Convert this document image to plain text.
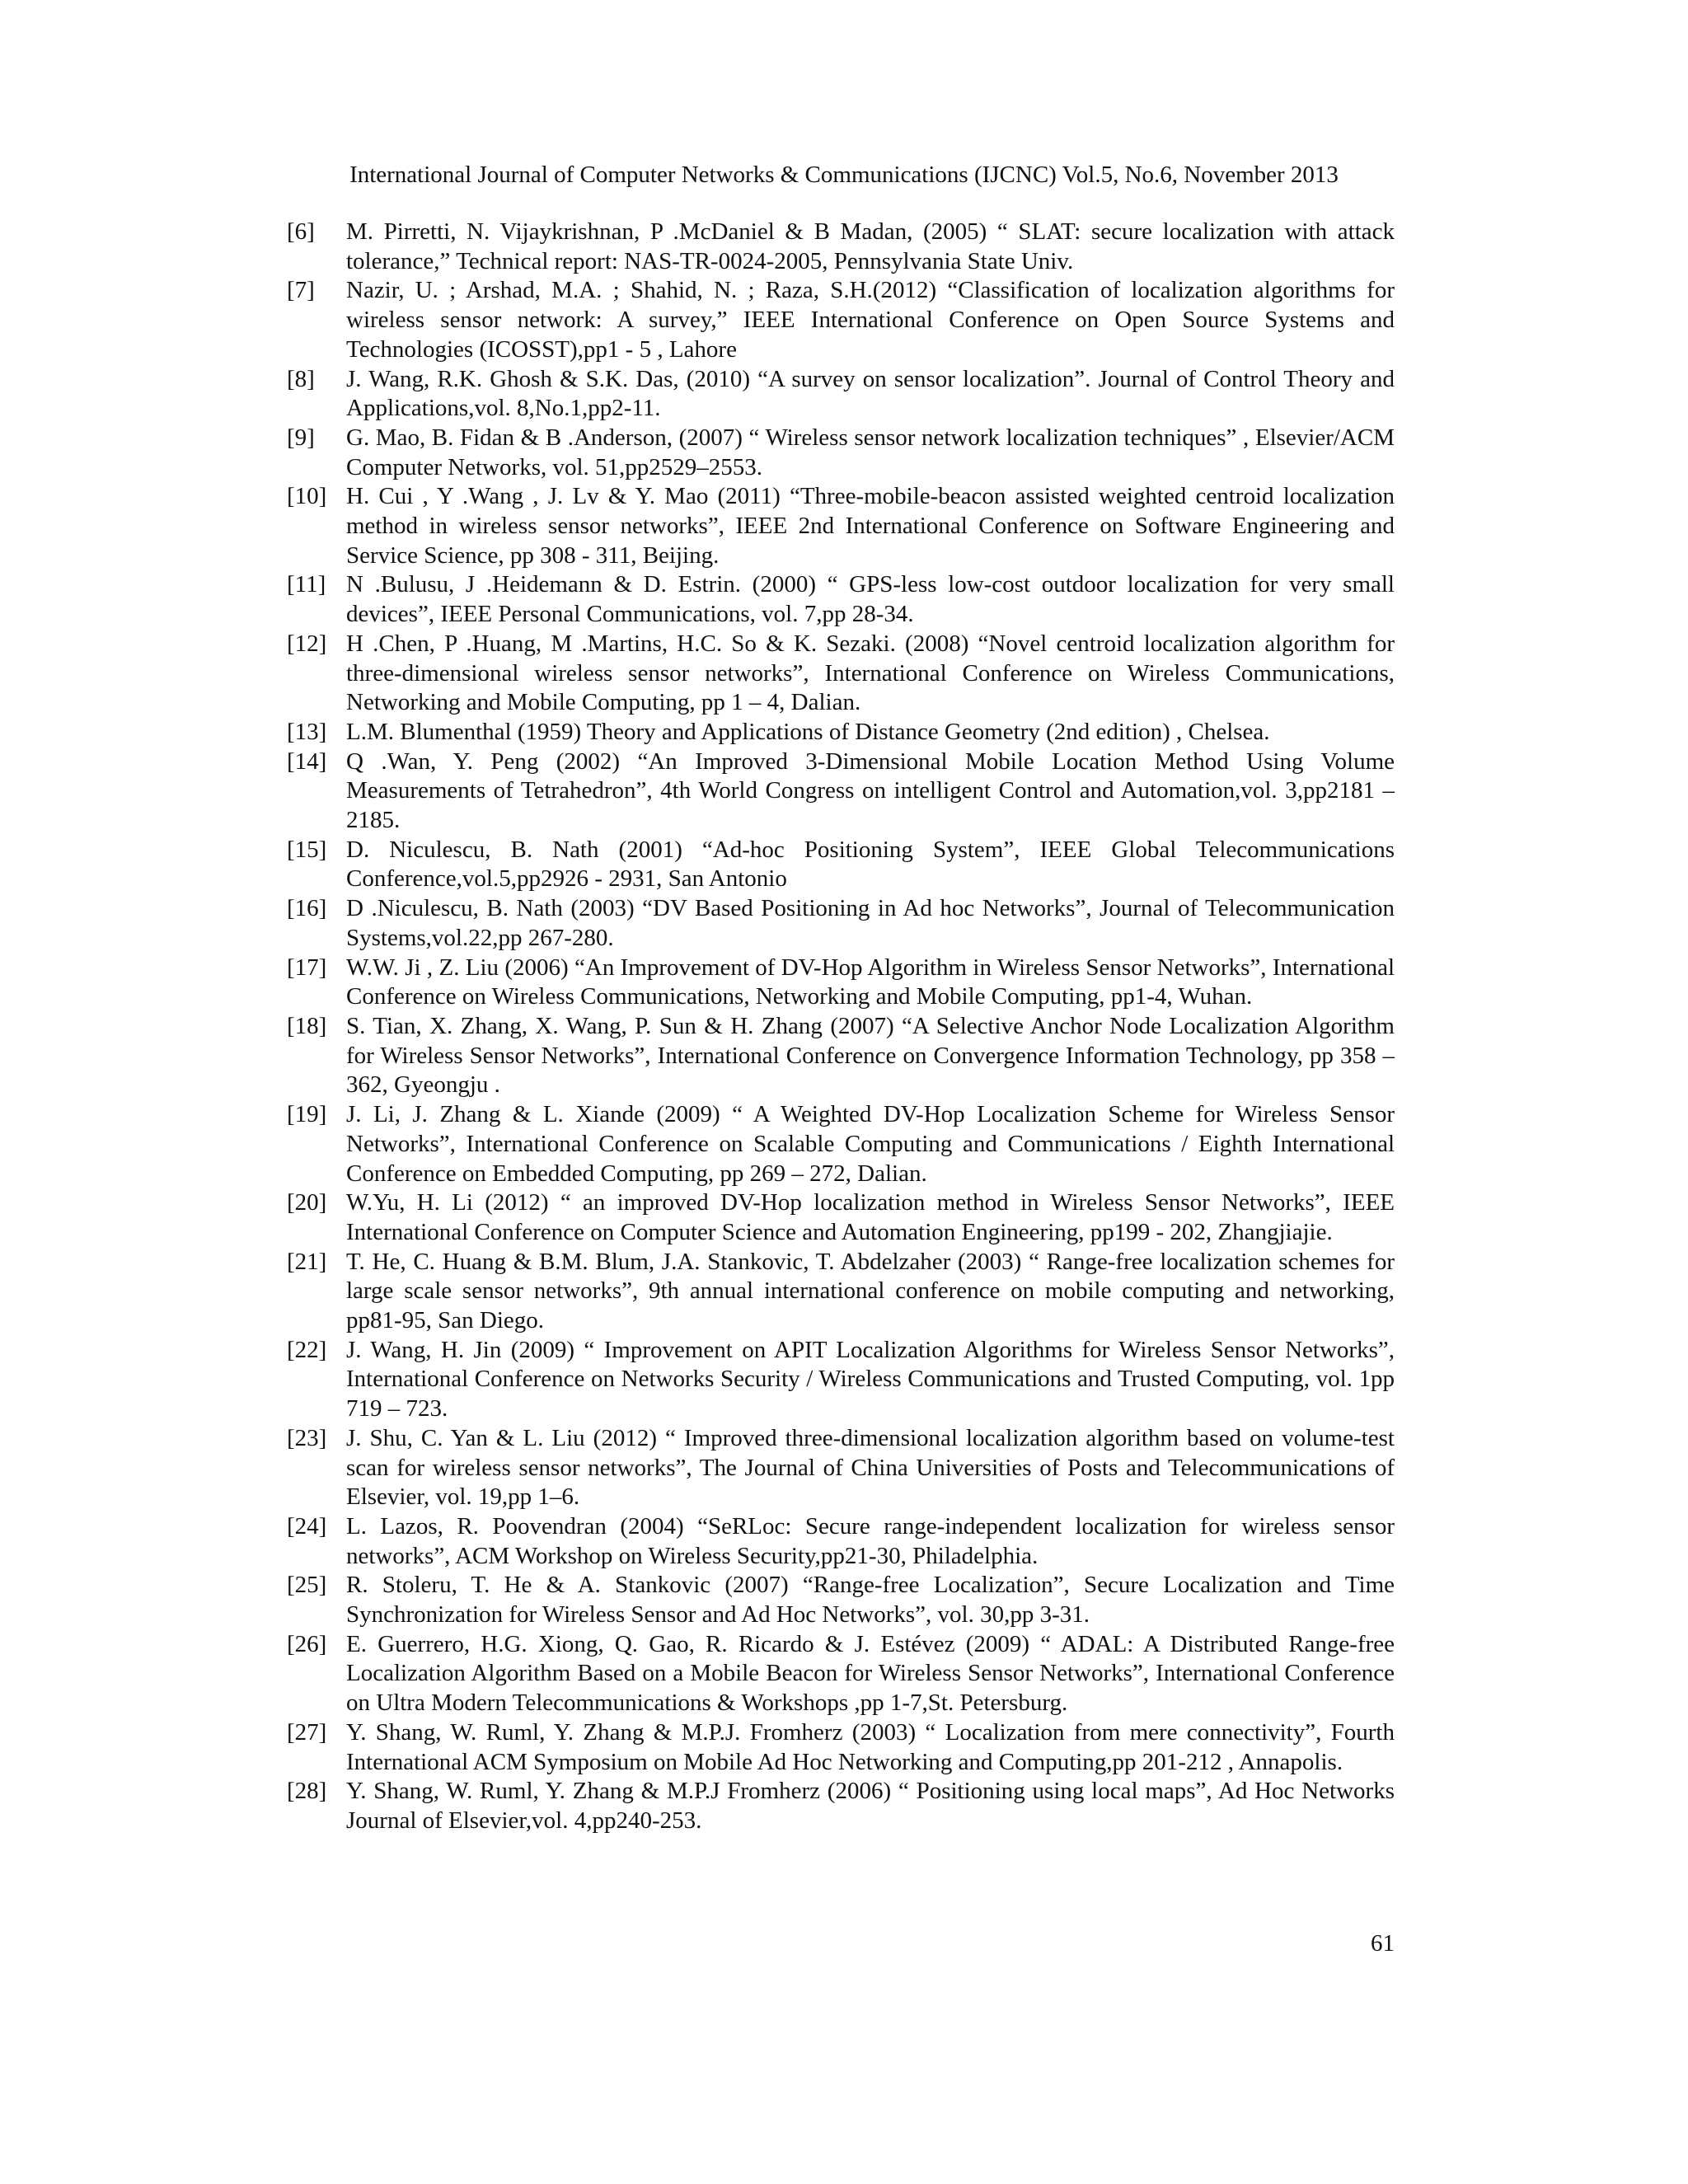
International Journal of Computer Networks & Communications (IJCNC) Vol.5, No.6, November 2013
[6]	M. Pirretti, N. Vijaykrishnan, P .McDaniel & B Madan, (2005) “ SLAT: secure localization with attack tolerance,” Technical report: NAS-TR-0024-2005, Pennsylvania State Univ.
[7]	Nazir, U. ; Arshad, M.A. ; Shahid, N. ; Raza, S.H.(2012) “Classification of localization algorithms for wireless sensor network: A survey,” IEEE International Conference on Open Source Systems and Technologies (ICOSST),pp1 - 5 , Lahore
[8]	J. Wang, R.K. Ghosh & S.K. Das, (2010) “A survey on sensor localization”. Journal of Control Theory and Applications,vol. 8,No.1,pp2-11.
[9]	G. Mao, B. Fidan & B .Anderson, (2007) “ Wireless sensor network localization techniques” , Elsevier/ACM Computer Networks, vol. 51,pp2529–2553.
[10] H. Cui , Y .Wang , J. Lv & Y. Mao (2011) “Three-mobile-beacon assisted weighted centroid localization method in wireless sensor networks”, IEEE 2nd International Conference on Software Engineering and Service Science, pp 308 - 311, Beijing.
[11] N .Bulusu, J .Heidemann & D. Estrin. (2000) “ GPS-less low-cost outdoor localization for very small devices”, IEEE Personal Communications, vol. 7,pp 28-34.
[12] H .Chen, P .Huang, M .Martins, H.C. So & K. Sezaki. (2008) “Novel centroid localization algorithm for three-dimensional wireless sensor networks”, International Conference on Wireless Communications, Networking and Mobile Computing, pp 1 – 4, Dalian.
[13] L.M. Blumenthal (1959) Theory and Applications of Distance Geometry (2nd edition) , Chelsea.
[14] Q .Wan, Y. Peng (2002) “An Improved 3-Dimensional Mobile Location Method Using Volume Measurements of Tetrahedron”, 4th World Congress on intelligent Control and Automation,vol. 3,pp2181 – 2185.
[15] D. Niculescu, B. Nath (2001) “Ad-hoc Positioning System”, IEEE Global Telecommunications Conference,vol.5,pp2926 - 2931, San Antonio
[16] D .Niculescu, B. Nath (2003) “DV Based Positioning in Ad hoc Networks”, Journal of Telecommunication Systems,vol.22,pp 267-280.
[17] W.W. Ji , Z. Liu (2006) “An Improvement of DV-Hop Algorithm in Wireless Sensor Networks”, International Conference on Wireless Communications, Networking and Mobile Computing, pp1-4, Wuhan.
[18] S. Tian, X. Zhang, X. Wang, P. Sun & H. Zhang (2007) “A Selective Anchor Node Localization Algorithm for Wireless Sensor Networks”, International Conference on Convergence Information Technology, pp 358 – 362, Gyeongju .
[19] J. Li, J. Zhang & L. Xiande (2009) “ A Weighted DV-Hop Localization Scheme for Wireless Sensor Networks”, International Conference on Scalable Computing and Communications / Eighth International Conference on Embedded Computing, pp 269 – 272, Dalian.
[20] W.Yu, H. Li (2012) “ an improved DV-Hop localization method in Wireless Sensor Networks”, IEEE International Conference on Computer Science and Automation Engineering, pp199 - 202, Zhangjiajie.
[21] T. He, C. Huang & B.M. Blum, J.A. Stankovic, T. Abdelzaher (2003) “ Range-free localization schemes for large scale sensor networks”, 9th annual international conference on mobile computing and networking, pp81-95, San Diego.
[22] J. Wang, H. Jin (2009) “ Improvement on APIT Localization Algorithms for Wireless Sensor Networks”, International Conference on Networks Security / Wireless Communications and Trusted Computing, vol. 1pp 719 – 723.
[23] J. Shu, C. Yan & L. Liu (2012) “ Improved three-dimensional localization algorithm based on volume-test scan for wireless sensor networks”, The Journal of China Universities of Posts and Telecommunications of Elsevier, vol. 19,pp 1–6.
[24] L. Lazos, R. Poovendran (2004) “SeRLoc: Secure range-independent localization for wireless sensor networks”, ACM Workshop on Wireless Security,pp21-30, Philadelphia.
[25] R. Stoleru, T. He & A. Stankovic (2007) “Range-free Localization”, Secure Localization and Time Synchronization for Wireless Sensor and Ad Hoc Networks”, vol. 30,pp 3-31.
[26] E. Guerrero, H.G. Xiong, Q. Gao, R. Ricardo & J. Estévez (2009) “ ADAL: A Distributed Range-free Localization Algorithm Based on a Mobile Beacon for Wireless Sensor Networks”, International Conference on Ultra Modern Telecommunications & Workshops ,pp 1-7,St. Petersburg.
[27] Y. Shang, W. Ruml, Y. Zhang & M.P.J. Fromherz (2003) “ Localization from mere connectivity”, Fourth International ACM Symposium on Mobile Ad Hoc Networking and Computing,pp 201-212 , Annapolis.
[28] Y. Shang, W. Ruml, Y. Zhang & M.P.J Fromherz (2006) “ Positioning using local maps”, Ad Hoc Networks Journal of Elsevier,vol. 4,pp240-253.
61
